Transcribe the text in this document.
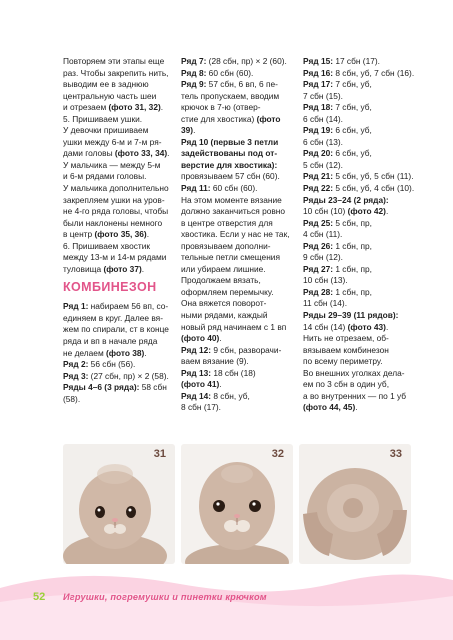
Повторяем эти этапы еще

раз. Чтобы закрепить нить,

выводим ее в заднюю

центральную часть шеи

и отрезаем (фото 31, 32).

5. Пришиваем ушки.

У девочки пришиваем

ушки между 6-м и 7-м ря-

дами головы (фото 33, 34).

У мальчика — между 5-м

и 6-м рядами головы.

У мальчика дополнительно

закрепляем ушки на уров-

не 4-го ряда головы, чтобы

были наклонены немного

в центр (фото 35, 36).

6. Пришиваем хвостик

между 13-м и 14-м рядами

туловища (фото 37).

КОМБИНЕЗОН

Ряд 1: набираем 56 вп, со-

единяем в круг. Далее вя-

жем по спирали, ст в конце

ряда и вп в начале ряда

не делаем (фото 38).

Ряд 2: 56 сбн (56).

Ряд 3: (27 сбн, пр) × 2 (58).

Ряды 4–6 (3 ряда): 58 сбн

(58).

Ряд 7: (28 сбн, пр) × 2 (60).

Ряд 8: 60 сбн (60).

Ряд 9: 57 сбн, 6 вп, 6 пе-

тель пропускаем, вводим

крючок в 7-ю (отвер-

стие для хвостика) (фото

39).

Ряд 10 (первые 3 петли

задействованы под от-

верстие для хвостика):

провязываем 57 сбн (60).

Ряд 11: 60 сбн (60).

На этом моменте вязание

должно заканчиться ровно

в центре отверстия для

хвостика. Если у нас не так,

провязываем дополни-

тельные петли смещения

или убираем лишние.

Продолжаем вязать,

оформляем перемычку.

Она вяжется поворот-

ными рядами, каждый

новый ряд начинаем с 1 вп

(фото 40).

Ряд 12: 9 сбн, разворачи-

ваем вязание (9).

Ряд 13: 18 сбн (18)

(фото 41).

Ряд 14: 8 сбн, уб,

8 сбн (17).

Ряд 15: 17 сбн (17).

Ряд 16: 8 сбн, уб, 7 сбн (16).

Ряд 17: 7 сбн, уб,

7 сбн (15).

Ряд 18: 7 сбн, уб,

6 сбн (14).

Ряд 19: 6 сбн, уб,

6 сбн (13).

Ряд 20: 6 сбн, уб,

5 сбн (12).

Ряд 21: 5 сбн, уб, 5 сбн (11).

Ряд 22: 5 сбн, уб, 4 сбн (10).

Ряды 23–24 (2 ряда):

10 сбн (10) (фото 42).

Ряд 25: 5 сбн, пр,

4 сбн (11).

Ряд 26: 1 сбн, пр,

9 сбн (12).

Ряд 27: 1 сбн, пр,

10 сбн (13).

Ряд 28: 1 сбн, пр,

11 сбн (14).

Ряды 29–39 (11 рядов):

14 сбн (14) (фото 43).

Нить не отрезаем, об-

вязываем комбинезон

по всему периметру.

Во внешних уголках дела-

ем по 3 сбн в один уб,

а во внутренних — по 1 уб

(фото 44, 45).

31	32	33
52 Игрушки, погремушки и пинетки крючком
